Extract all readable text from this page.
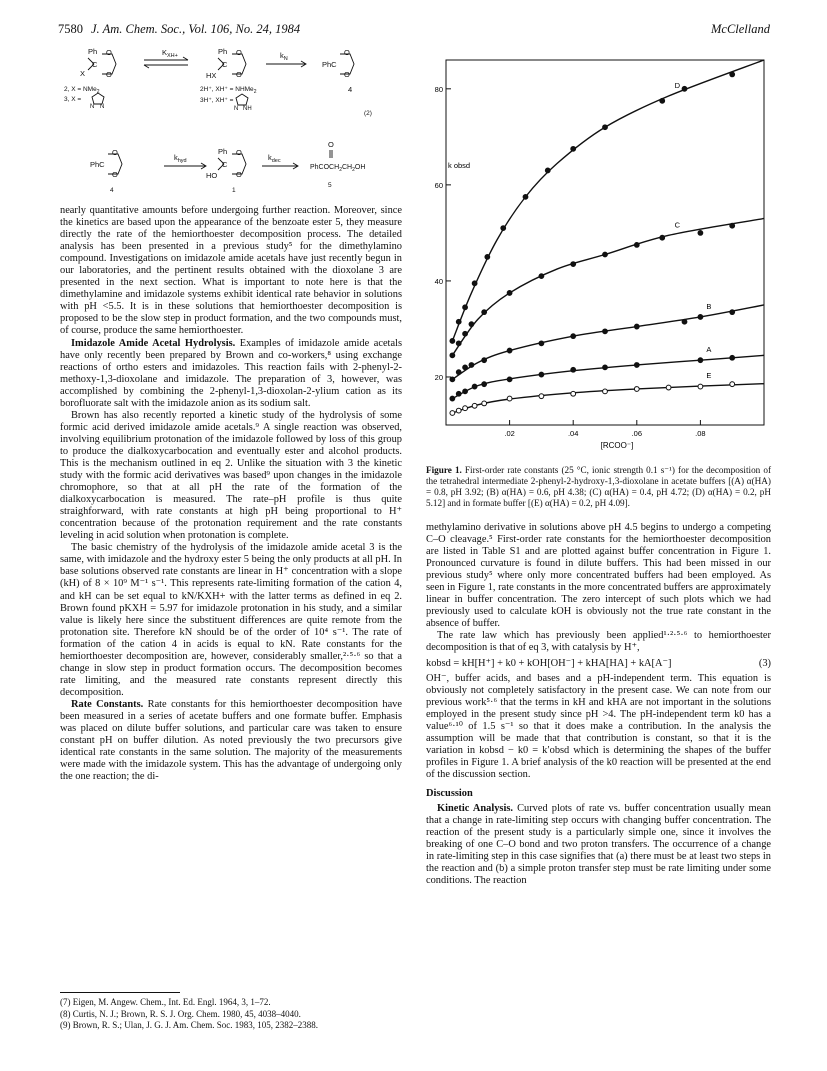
7580 J. Am. Chem. Soc., Vol. 106, No. 24, 1984	McClelland
Ph O
C
O
X
$K_{XH+}$	Ph O
C
O
HX
$k_N$
PhC
O
O
4
2, X = NMe$_2$
3, X =
N N
2H⁺, XH⁺ = NHMe$_2$
3H⁺, XH⁺ =
N NH
(2)
PhC
O
O
4
$k_{hyd}$
Ph O
C
O
HO
1
$k_{dec}$
O
$PhCOCH_2CH_2OH$
5

nearly quantitative amounts before undergoing further reaction. Moreover, since the kinetics are based upon the appearance of the benzoate ester 5, they measure directly the rate of the hemiorthoester decomposition process. The detailed analysis has been presented in a previous study⁵ for the dimethylamino compound. Investigations on imidazole amide acetals have just recently begun in our laboratories, and the pertinent results obtained with the dioxolane 3 are presented in the next section. What is important to note here is that the dimethylamine and imidazole systems exhibit identical rate behavior in solutions with pH <5.5. It is in these solutions that hemiorthoester decomposition is proposed to be the slow step in product formation, and the two compounds must, of course, produce the same hemiorthoester.

Imidazole Amide Acetal Hydrolysis. Examples of imidazole amide acetals have only recently been prepared by Brown and co-workers,⁸ using exchange reactions of ortho esters and imidazoles. This reaction fails with 2-phenyl-2-methoxy-1,3-dioxolane and imidazole. The preparation of 3, however, was accomplished by combining the 2-phenyl-1,3-dioxolan-2-ylium cation as its borofluorate salt with the imidazole anion as its sodium salt.

Brown has also recently reported a kinetic study of the hydrolysis of some formic acid derived imidazole amide acetals.⁹ A single reaction was observed, involving equilibrium protonation of the imidazole followed by loss of this group to produce the dialkoxycarbocation and eventually ester and alcohol products. This is the mechanism outlined in eq 2. Unlike the situation with 3 the kinetic study with the formic acid derivatives was based⁹ upon changes in the imidazole chromophore, so that at all pH the rate of the formation of the dialkoxycarbocation is measured. The rate–pH profile is thus quite straighforward, with rate constants at high pH being proportional to H⁺ concentration because of the protonation requirement and the rate constants leveling in acid solution when protonation is complete.

The basic chemistry of the hydrolysis of the imidazole amide acetal 3 is the same, with imidazole and the hydroxy ester 5 being the only products at all pH. In base solutions observed rate constants are linear in H⁺ concentration with a slope (kH) of 8 × 10⁹ M⁻¹ s⁻¹. This represents rate-limiting formation of the cation 4, and kH can be set equal to kN/KXH+ with the latter terms as defined in eq 2. Brown found pKXH = 5.97 for imidazole protonation in his study, and a similar value is likely here since the substituent differences are quite remote from the protonation site. Therefore kN should be of the order of 10⁴ s⁻¹. The rate of formation of the cation 4 in acids is equal to kN. Rate constants for the hemiorthoester decomposition are, however, considerably smaller,²·⁵·⁶ so that a change in slow step in product formation occurs. The decomposition becomes rate limiting, and the measured rate constants represent directly this decomposition.

Rate Constants. Rate constants for this hemiorthoester decomposition have been measured in a series of acetate buffers and one formate buffer. Emphasis was placed on dilute buffer solutions, and particular care was taken to ensure constant pH on buffer dilution. As noted previously the two precursors give identical rate constants in the same solution. The majority of the measurements were made with the imidazole system. This has the advantage of undergoing only the one reaction; the di-

(7) Eigen, M. Angew. Chem., Int. Ed. Engl. 1964, 3, 1–72.
(8) Curtis, N. J.; Brown, R. S. J. Org. Chem. 1980, 45, 4038–4040.
(9) Brown, R. S.; Ulan, J. G. J. Am. Chem. Soc. 1983, 105, 2382–2388.
k obsd
[RCOO⁻]
.02	.04	.06	.08
20
40
60
80	D
C
B
A
E
Figure 1. First-order rate constants (25 °C, ionic strength 0.1 s⁻¹) for the decomposition of the tetrahedral intermediate 2-phenyl-2-hydroxy-1,3-dioxolane in acetate buffers [(A) α(HA) = 0.8, pH 3.92; (B) α(HA) = 0.6, pH 4.38; (C) α(HA) = 0.4, pH 4.72; (D) α(HA) = 0.2, pH 5.12] and in formate buffer [(E) α(HA) = 0.2, pH 4.09].

methylamino derivative in solutions above pH 4.5 begins to undergo a competing C–O cleavage.⁵ First-order rate constants for the hemiorthoester decomposition are listed in Table S1 and are plotted against buffer concentration in Figure 1. Pronounced curvature is found in dilute buffers. This had been missed in our previous study⁵ where only more concentrated buffers had been employed. As seen in Figure 1, rate constants in the more concentrated buffers are approximately linear in buffer concentration. The zero intercept of such plots which we had previously used to calculate kOH is obviously not the true rate constant in the absence of buffer.

The rate law which has previously been applied¹·²·⁵·⁶ to hemiorthoester decomposition is that of eq 3, with catalysis by H⁺,

kobsd = kH[H⁺] + k0 + kOH[OH⁻] + kHA[HA] + kA[A⁻]	(3)

OH⁻, buffer acids, and bases and a pH-independent term. This equation is obviously not completely satisfactory in the present case. We can note from our previous work⁵·⁶ that the terms in kH and kHA are not important in the solutions employed in the present study since pH >4. The pH-independent term k0 has a value⁶·¹⁰ of 1.5 s⁻¹ so that it does make a contribution. In the analysis the assumption will be made that that contribution is constant, so that it is the variation in kobsd − k0 = k′obsd which is determining the shapes of the buffer profiles in Figure 1. A brief analysis of the k0 reaction will be presented at the end of the discussion section.

Discussion

Kinetic Analysis. Curved plots of rate vs. buffer concentration usually mean that a change in rate-limiting step occurs with changing buffer concentration. The reaction of the present study is a particularly simple one, since it involves the breaking of one C–O bond and two proton transfers. The occurrence of a change in rate-limiting step in this case signifies that (a) there must be at least two steps in the reaction and (b) a simple proton transfer step must be rate limiting under some conditions. The reaction
